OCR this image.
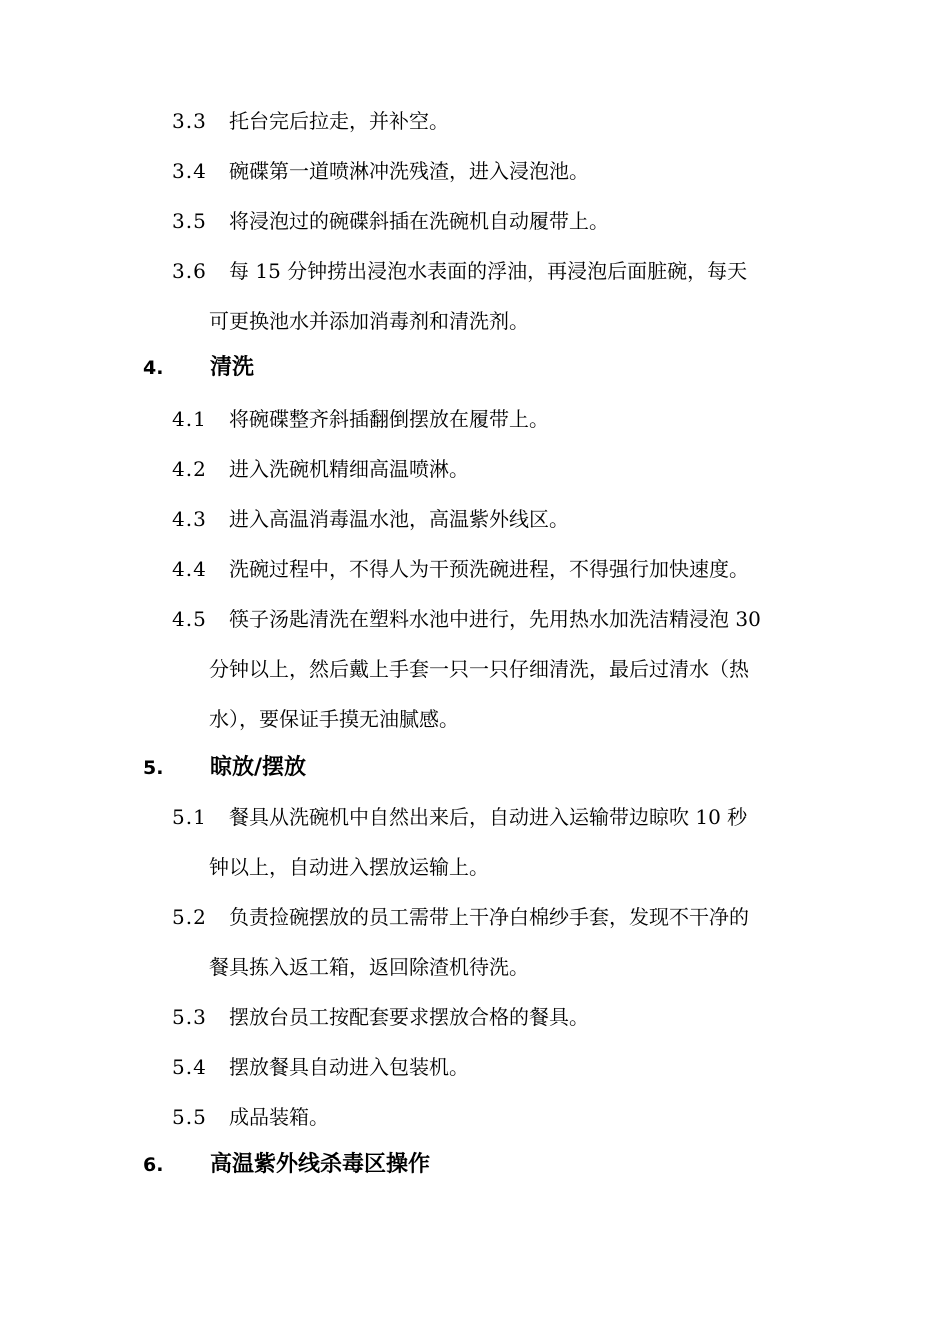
3.3	托台完后拉走，并补空。
3.4	碗碟第一道喷淋冲洗残渣，进入浸泡池。
3.5	将浸泡过的碗碟斜插在洗碗机自动履带上。
3.6	每 15 分钟捞出浸泡水表面的浮油，再浸泡后面脏碗，每天
可更换池水并添加消毒剂和清洗剂。
4. 清洗
4.1	将碗碟整齐斜插翻倒摆放在履带上。
4.2	进入洗碗机精细高温喷淋。
4.3	进入高温消毒温水池，高温紫外线区。
4.4	洗碗过程中，不得人为干预洗碗进程，不得强行加快速度。
4.5	筷子汤匙清洗在塑料水池中进行，先用热水加洗洁精浸泡 30
分钟以上，然后戴上手套一只一只仔细清洗，最后过清水（热
水），要保证手摸无油腻感。
5. 晾放/摆放
5.1	餐具从洗碗机中自然出来后，自动进入运输带边晾吹 10 秒
钟以上，自动进入摆放运输上。
5.2	负责捡碗摆放的员工需带上干净白棉纱手套，发现不干净的
餐具拣入返工箱，返回除渣机待洗。
5.3	摆放台员工按配套要求摆放合格的餐具。
5.4	摆放餐具自动进入包装机。
5.5	成品装箱。
6. 高温紫外线杀毒区操作
